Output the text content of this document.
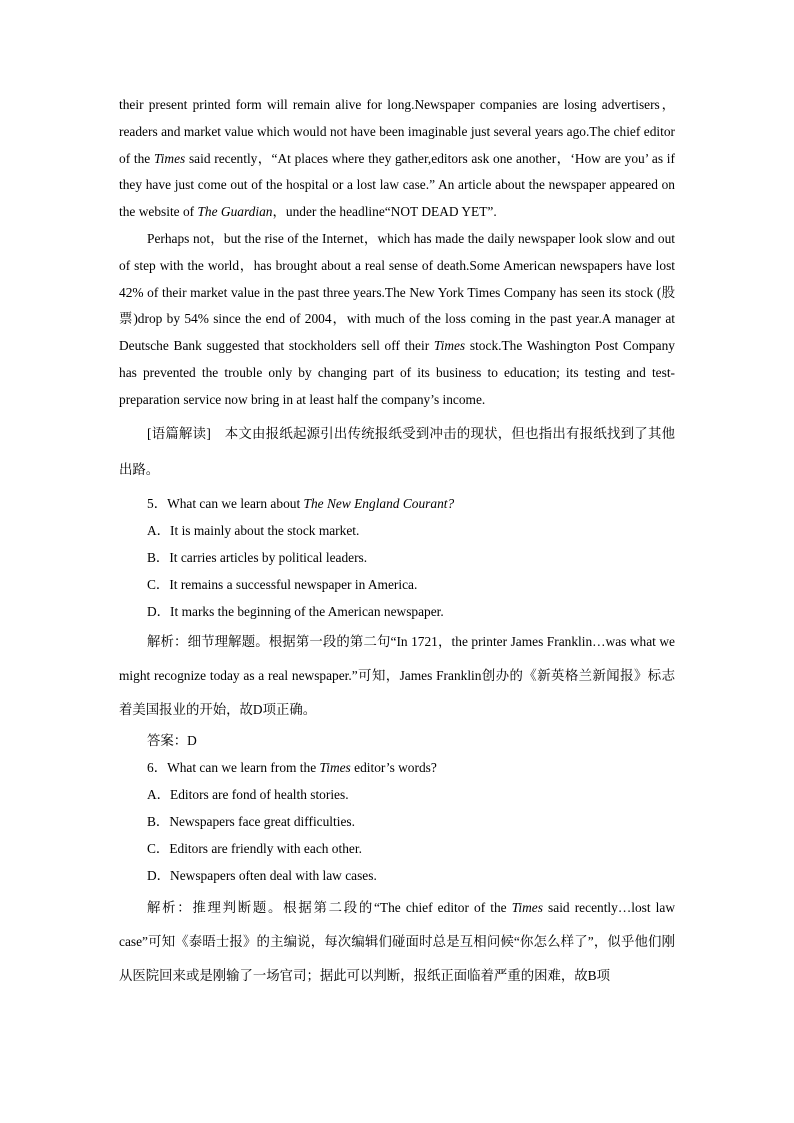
their present printed form will remain alive for long.Newspaper companies are losing advertisers，readers and market value which would not have been imaginable just several years ago.The chief editor of the Times said recently，“At places where they gather,editors ask one another，‘How are you’ as if they have just come out of the hospital or a lost law case.” An article about the newspaper appeared on the website of The Guardian，under the headline“NOT DEAD YET”.

Perhaps not，but the rise of the Internet，which has made the daily newspaper look slow and out of step with the world，has brought about a real sense of death.Some American newspapers have lost 42% of their market value in the past three years.The New York Times Company has seen its stock (股票)drop by 54% since the end of 2004，with much of the loss coming in the past year.A manager at Deutsche Bank suggested that stockholders sell off their Times stock.The Washington Post Company has prevented the trouble only by changing part of its business to education; its testing and test-preparation service now bring in at least half the company’s income.

[语篇解读]　本文由报纸起源引出传统报纸受到冲击的现状，但也指出有报纸找到了其他出路。

5．What can we learn about The New England Courant?

A．It is mainly about the stock market.

B．It carries articles by political leaders.

C．It remains a successful newspaper in America.

D．It marks the beginning of the American newspaper.

解析：细节理解题。根据第一段的第二句“In 1721，the printer James Franklin…was what we might recognize today as a real newspaper.”可知，James Franklin创办的《新英格兰新闻报》标志着美国报业的开始，故D项正确。

答案：D

6．What can we learn from the Times editor’s words?

A．Editors are fond of health stories.

B．Newspapers face great difficulties.

C．Editors are friendly with each other.

D．Newspapers often deal with law cases.

解析：推理判断题。根据第二段的“The chief editor of the Times said recently…lost law case”可知《泰晤士报》的主编说，每次编辑们碰面时总是互相问候“你怎么样了”，似乎他们刚从医院回来或是刚输了一场官司；据此可以判断，报纸正面临着严重的困难，故B项
